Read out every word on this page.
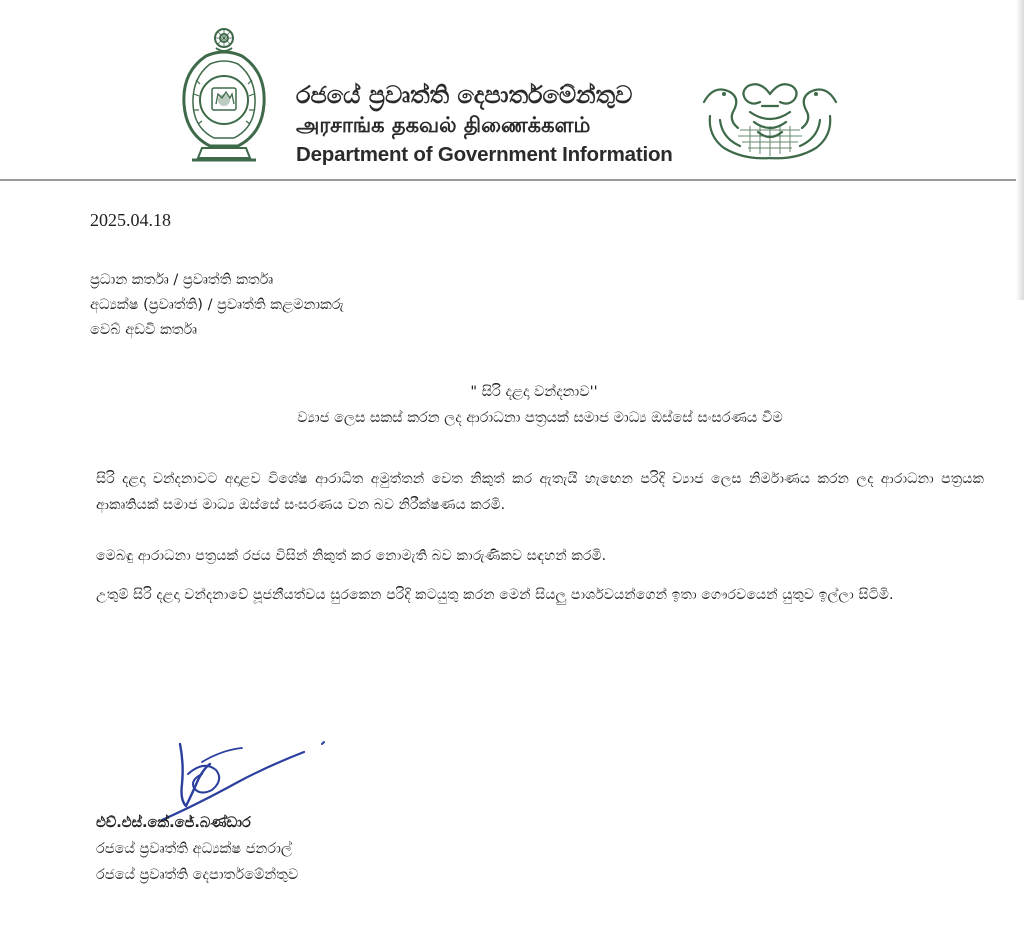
රජයේ ප්‍රවෘත්ති දෙපාර්තමේන්තුව
அரசாங்க தகவல் திணைக்களம்
Department of Government Information
2025.04.18
ප්‍රධාන කර්තෘ / ප්‍රවෘත්ති කර්තෘ
අධ්‍යක්ෂ (ප්‍රවෘත්ති) / ප්‍රවෘත්ති කළමනාකරු
වෙබ් අඩවි කර්තෘ
" සිරි දළදා වන්දනාව''
ව්‍යාජ ලෙස සකස් කරන ලද ආරාධනා පත්‍රයක් සමාජ මාධ්‍ය ඔස්සේ සංසරණය වීම
සිරි දළදා වන්දනාවට අදාළව විශේෂ ආරාධිත අමුත්තන් වෙත නිකුත් කර ඇතැයි හැඟෙන පරිදි ව්‍යාජ ලෙස නිර්මාණය කරන ලද ආරාධනා පත්‍රයක ආකෘතියක් සමාජ මාධ්‍ය ඔස්සේ සංසරණය වන බව නිරීක්ෂණය කරමි.
මෙබඳු ආරාධනා පත්‍රයක් රජය විසින් නිකුත් කර නොමැති බව කාරුණිකව සඳහන් කරමි.
උතුම් සිරි දළදා වන්දනාවේ පූජනීයත්වය සුරකෙන පරිදි කටයුතු කරන මෙන් සියලු පාර්ශවයන්ගෙන් ඉතා ගෞරවයෙන් යුතුව ඉල්ලා සිටිමි.
එච්.එස්.කේ.ජේ.බණ්ඩාර
රජයේ ප්‍රවෘත්ති අධ්‍යක්ෂ ජනරාල්
රජයේ ප්‍රවෘත්ති දෙපාර්තමේන්තුව
